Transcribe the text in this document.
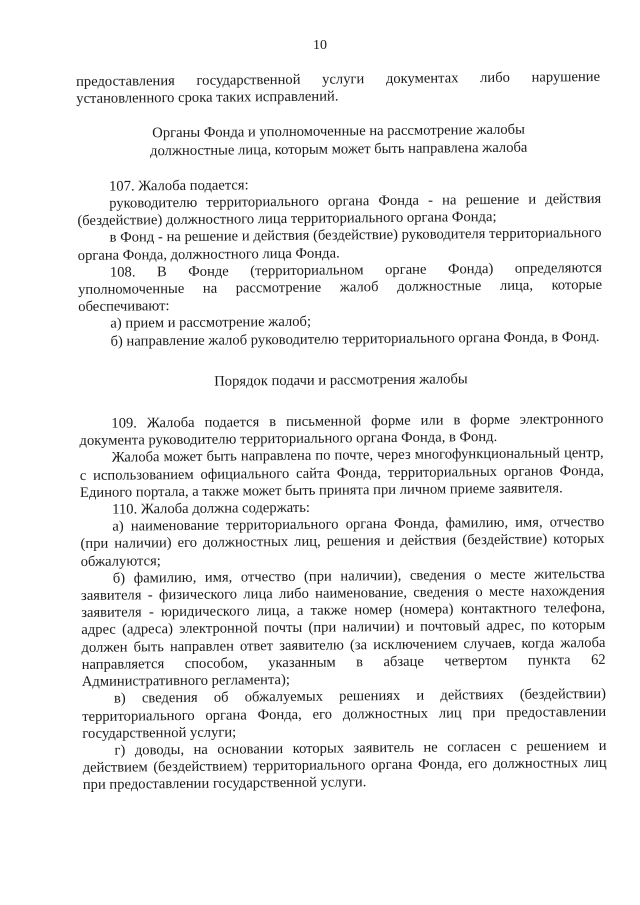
10

предоставления государственной услуги документах либо нарушение

установленного срока таких исправлений.

Органы Фонда и уполномоченные на рассмотрение жалобы

должностные лица, которым может быть направлена жалоба

107. Жалоба подается:

руководителю территориального органа Фонда - на решение и действия (бездействие) должностного лица территориального органа Фонда;

в Фонд - на решение и действия (бездействие) руководителя территориального органа Фонда, должностного лица Фонда.

108. В Фонде (территориальном органе Фонда) определяются уполномоченные на рассмотрение жалоб должностные лица, которые обеспечивают:

а) прием и рассмотрение жалоб;

б) направление жалоб руководителю территориального органа Фонда, в Фонд.

Порядок подачи и рассмотрения жалобы

109. Жалоба подается в письменной форме или в форме электронного документа руководителю территориального органа Фонда, в Фонд.

Жалоба может быть направлена по почте, через многофункциональный центр, с использованием официального сайта Фонда, территориальных органов Фонда, Единого портала, а также может быть принята при личном приеме заявителя.

110. Жалоба должна содержать:

а) наименование территориального органа Фонда, фамилию, имя, отчество (при наличии) его должностных лиц, решения и действия (бездействие) которых обжалуются;

б) фамилию, имя, отчество (при наличии), сведения о месте жительства заявителя - физического лица либо наименование, сведения о месте нахождения заявителя - юридического лица, а также номер (номера) контактного телефона, адрес (адреса) электронной почты (при наличии) и почтовый адрес, по которым должен быть направлен ответ заявителю (за исключением случаев, когда жалоба направляется способом, указанным в абзаце четвертом пункта 62 Административного регламента);

в) сведения об обжалуемых решениях и действиях (бездействии) территориального органа Фонда, его должностных лиц при предоставлении государственной услуги;

г) доводы, на основании которых заявитель не согласен с решением и действием (бездействием) территориального органа Фонда, его должностных лиц при предоставлении государственной услуги.
